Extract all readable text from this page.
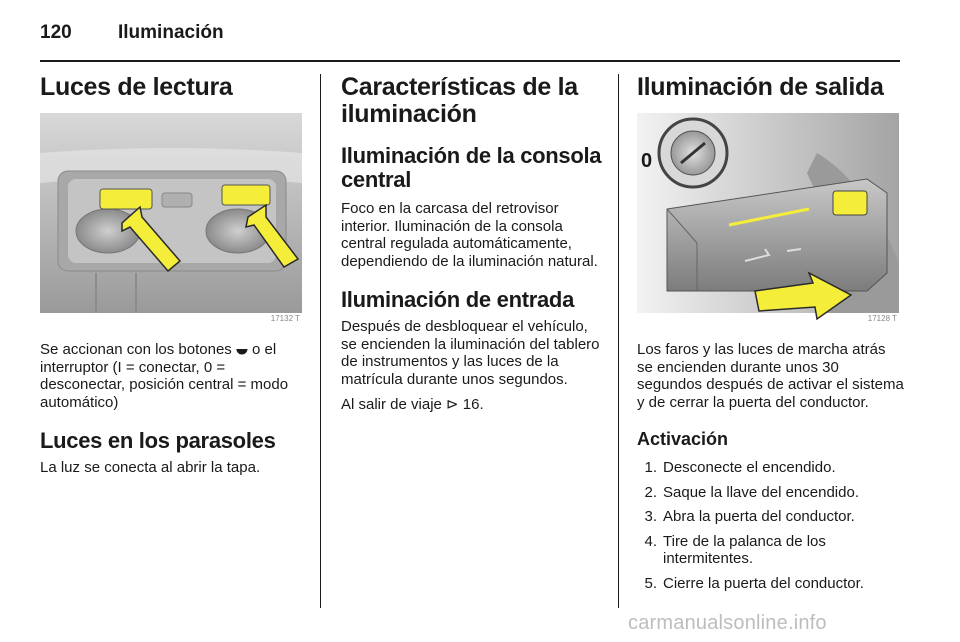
120 Iluminación
Luces de lectura
17132 T

Se accionan con los botones ⯋ o el interruptor (I = conectar, 0 = desconectar, posición central = modo automático)

Luces en los parasoles

La luz se conecta al abrir la tapa.

Características de la iluminación
Iluminación de la consola central

Foco en la carcasa del retrovisor interior. Iluminación de la consola central regulada automáticamente, dependiendo de la iluminación natural.

Iluminación de entrada

Después de desbloquear el vehículo, se encienden la iluminación del tablero de instrumentos y las luces de la matrícula durante unos segundos.

Al salir de viaje ⊳ 16.

Iluminación de salida
0
17128 T

Los faros y las luces de marcha atrás se encienden durante unos 30 segundos después de activar el sistema y de cerrar la puerta del conductor.

Activación
1. Desconecte el encendido.
2. Saque la llave del encendido.
3. Abra la puerta del conductor.
4. Tire de la palanca de los intermitentes.
5. Cierre la puerta del conductor.
carmanualsonline.info
